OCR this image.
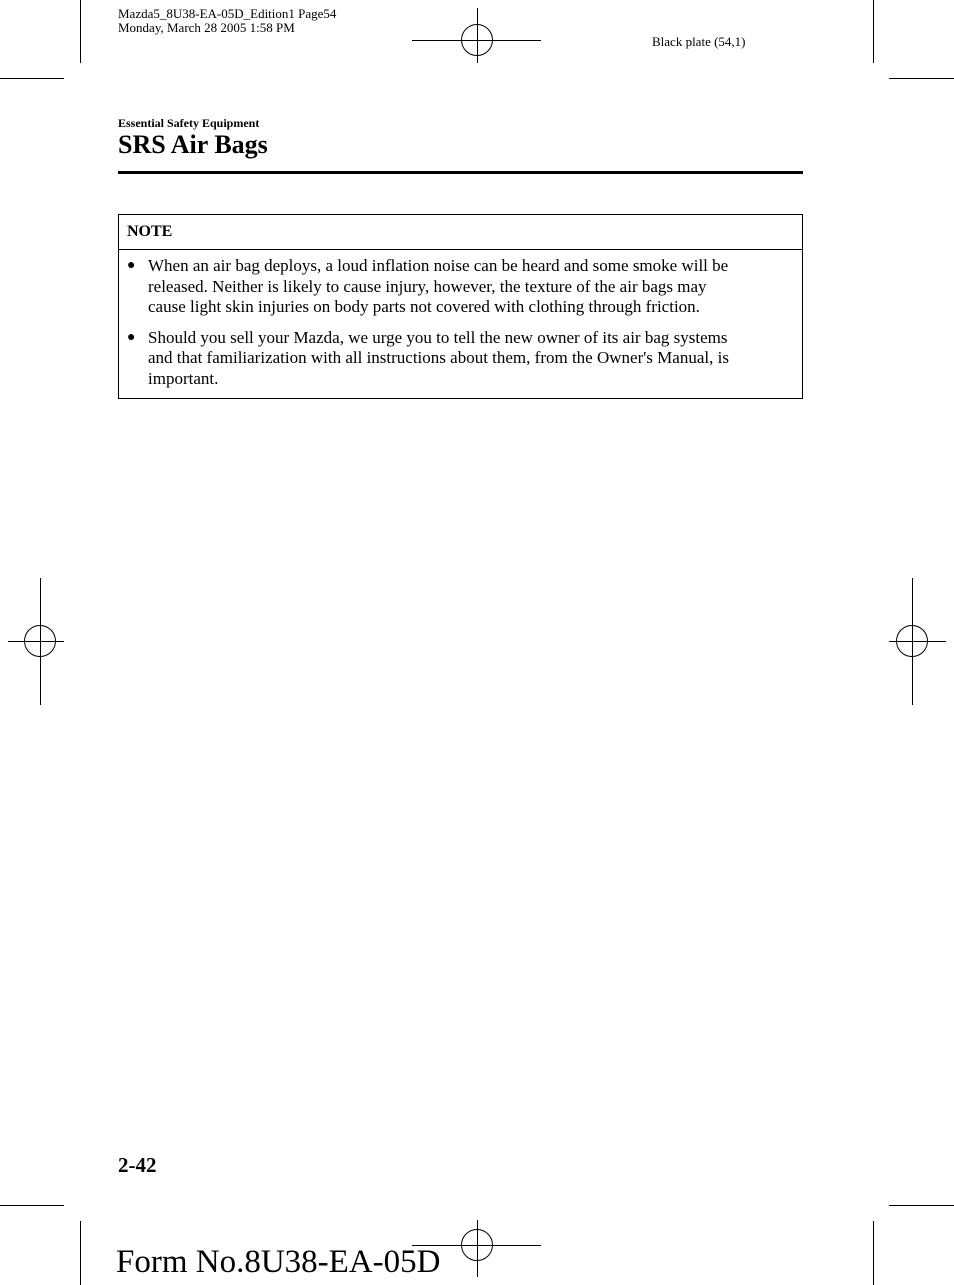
Mazda5_8U38-EA-05D_Edition1 Page54
Monday, March 28 2005 1:58 PM
Black plate (54,1)
Essential Safety Equipment
SRS Air Bags
NOTE
● When an air bag deploys, a loud inflation noise can be heard and some smoke will be
released. Neither is likely to cause injury, however, the texture of the air bags may
cause light skin injuries on body parts not covered with clothing through friction.
● Should you sell your Mazda, we urge you to tell the new owner of its air bag systems
and that familiarization with all instructions about them, from the Owner's Manual, is
important.
2-42
Form No.8U38-EA-05D
